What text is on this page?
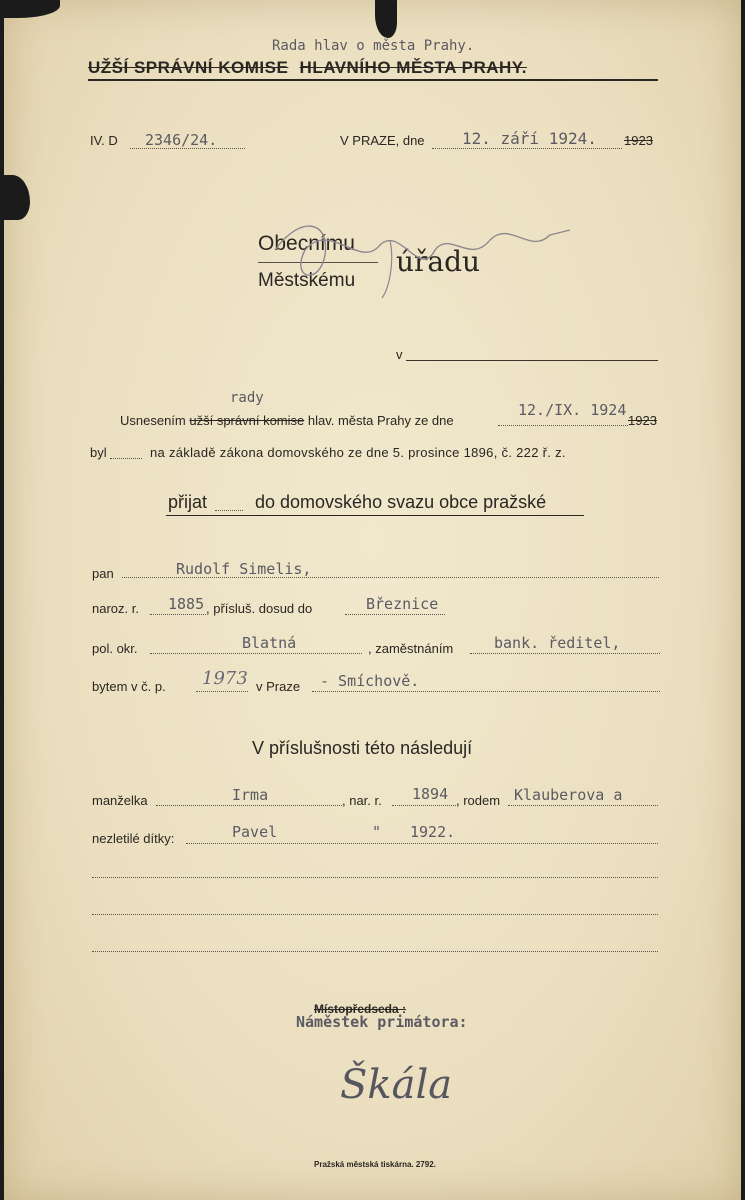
Rada hlav o města Prahy.
UŽŠÍ SPRÁVNÍ KOMISE HLAVNÍHO MĚSTA PRAHY.
IV. D 2346/24.	V PRAZE, dne 12. září 1924. 1923
Obecnímu
Městskému
úřadu
v
rady
Usnesením užší správní komise hlav. města Prahy ze dne
12./IX. 1924
1923
byl	na základě zákona domovského ze dne 5. prosince 1896, č. 222 ř. z.
přijat	do domovského svazu obce pražské
pan	Rudolf Simelis,
naroz. r. 1885 , přísluš. dosud do	Březnice
pol. okr.	Blatná	, zaměstnáním	bank. ředitel,
bytem v č. p. 1973 v Praze - Smíchově.
V příslušnosti této následují
manželka	Irma	, nar. r. 1894 , rodem Klauberova a
nezletilé dítky:	Pavel	" 1922.
Místopředseda :
Náměstek primátora:
Škála
Pražská městská tiskárna. 2792.
